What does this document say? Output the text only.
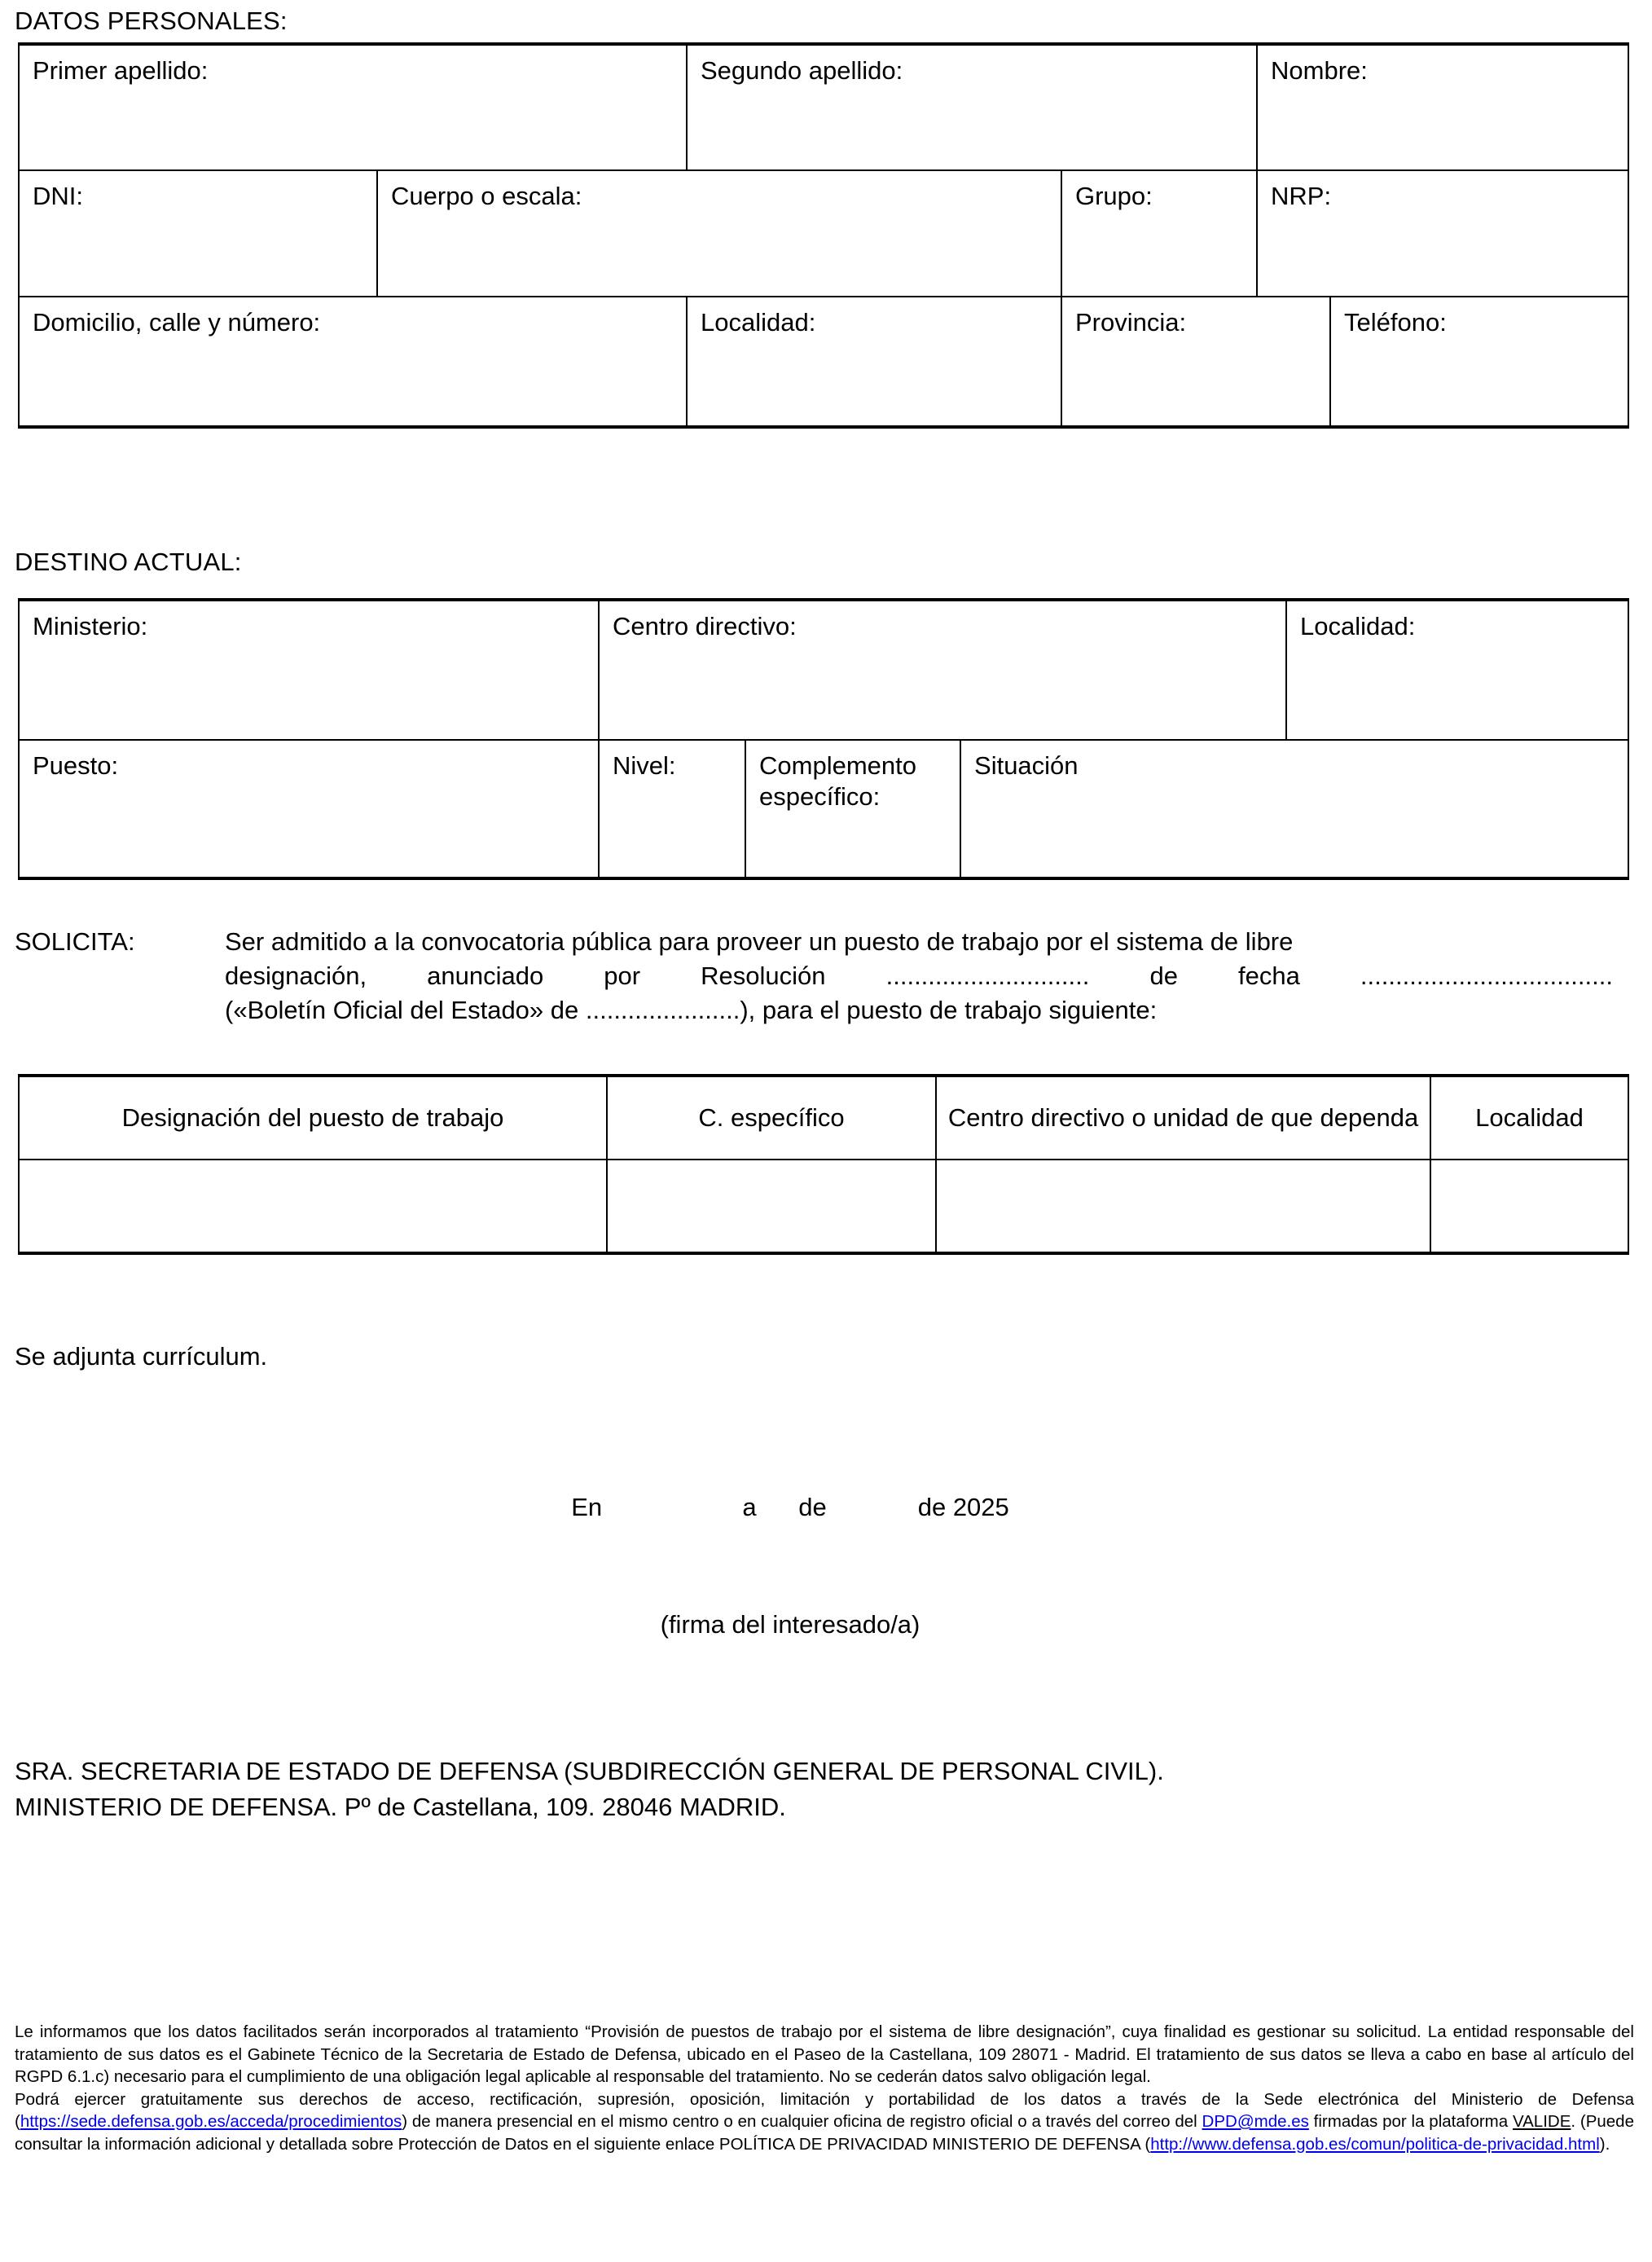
DATOS PERSONALES:
Primer apellido:		Segundo apellido:		Nombre:	
DNI:	Cuerpo o escala:		Grupo:	NRP:	
Domicilio, calle y número:		Localidad:	Provincia:		Teléfono:
DESTINO ACTUAL:
Ministerio:	Centro directivo:			Localidad:
Puesto:	Nivel:	Complemento específico:	Situación	
SOLICITA:	Ser admitido a la convocatoria pública para proveer un puesto de trabajo por el sistema de libre

designación, anunciado por Resolución ............................. de fecha ....................................

(«Boletín Oficial del Estado» de ......................), para el puesto de trabajo siguiente:

Designación del puesto de trabajo	C. específico	Centro directivo o unidad de que dependa	Localidad

Se adjunta currículum.

En                    a      de             de 2025

(firma del interesado/a)

SRA. SECRETARIA DE ESTADO DE DEFENSA (SUBDIRECCIÓN GENERAL DE PERSONAL CIVIL).
MINISTERIO DE DEFENSA. Pº de Castellana, 109. 28046 MADRID.

Le informamos que los datos facilitados serán incorporados al tratamiento “Provisión de puestos de trabajo por el sistema de libre designación”, cuya finalidad es gestionar su solicitud. La entidad responsable del tratamiento de sus datos es el Gabinete Técnico de la Secretaria de Estado de Defensa, ubicado en el Paseo de la Castellana, 109 28071 - Madrid. El tratamiento de sus datos se lleva a cabo en base al artículo del RGPD 6.1.c) necesario para el cumplimiento de una obligación legal aplicable al responsable del tratamiento. No se cederán datos salvo obligación legal.

Podrá ejercer gratuitamente sus derechos de acceso, rectificación, supresión, oposición, limitación y portabilidad de los datos a través de la Sede electrónica del Ministerio de Defensa (https://sede.defensa.gob.es/acceda/procedimientos) de manera presencial en el mismo centro o en cualquier oficina de registro oficial o a través del correo del DPD@mde.es firmadas por la plataforma VALIDE. (Puede consultar la información adicional y detallada sobre Protección de Datos en el siguiente enlace POLÍTICA DE PRIVACIDAD MINISTERIO DE DEFENSA (http://www.defensa.gob.es/comun/politica-de-privacidad.html).
